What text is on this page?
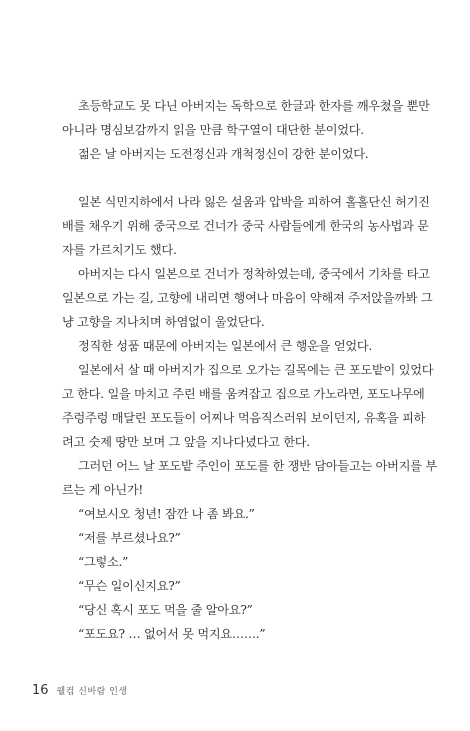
초등학교도 못 다닌 아버지는 독학으로 한글과 한자를 깨우쳤을 뿐만
아니라 명심보감까지 읽을 만큼 학구열이 대단한 분이었다.

젊은 날 아버지는 도전정신과 개척정신이 강한 분이었다.

일본 식민지하에서 나라 잃은 설움과 압박을 피하여 홀홀단신 허기진
배를 채우기 위해 중국으로 건너가 중국 사람들에게 한국의 농사법과 문
자를 가르치기도 했다.

아버지는 다시 일본으로 건너가 정착하였는데, 중국에서 기차를 타고
일본으로 가는 길, 고향에 내리면 행여나 마음이 약해져 주저앉을까봐 그
냥 고향을 지나치며 하염없이 울었단다.

정직한 성품 때문에 아버지는 일본에서 큰 행운을 얻었다.

일본에서 살 때 아버지가 집으로 오가는 길목에는 큰 포도밭이 있었다
고 한다. 일을 마치고 주린 배를 움켜잡고 집으로 가노라면, 포도나무에
주렁주렁 매달린 포도들이 어찌나 먹음직스러워 보이던지, 유혹을 피하
려고 숫제 땅만 보며 그 앞을 지나다녔다고 한다.

그러던 어느 날 포도밭 주인이 포도를 한 쟁반 담아들고는 아버지를 부
르는 게 아닌가!

“여보시오 청년! 잠깐 나 좀 봐요.”

“저를 부르셨나요?”

“그렇소.”

“무슨 일이신지요?”

“당신 혹시 포도 먹을 줄 알아요?”

“포도요? … 없어서 못 먹지요…….”

16 웰컴 신바람 인생
